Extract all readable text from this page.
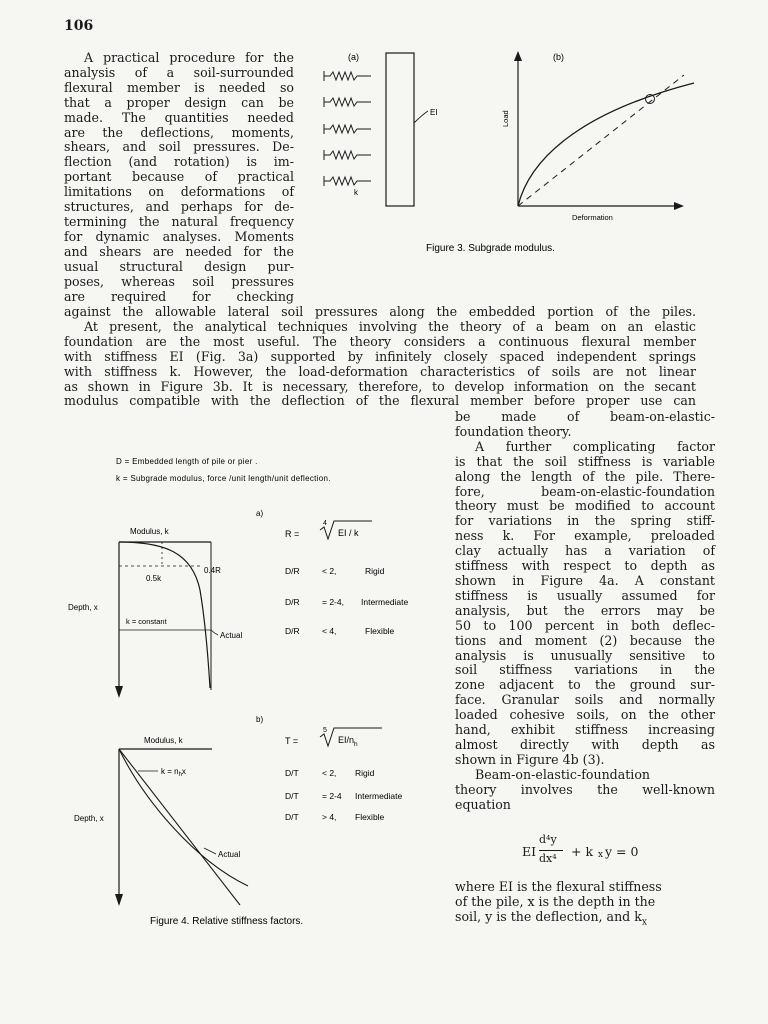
106

A practical procedure for the

analysis of a soil-surrounded

flexural member is needed so

that a proper design can be

made. The quantities needed

are the deflections, moments,

shears, and soil pressures. De-

flection (and rotation) is im-

portant because of practical

limitations on deformations of

structures, and perhaps for de-

termining the natural frequency

for dynamic analyses. Moments

and shears are needed for the

usual structural design pur-

poses, whereas soil pressures

are required for checking

against the allowable lateral soil pressures along the embedded portion of the piles.

At present, the analytical techniques involving the theory of a beam on an elastic

foundation are the most useful. The theory considers a continuous flexural member

with stiffness EI (Fig. 3a) supported by infinitely closely spaced independent springs

with stiffness k. However, the load-deformation characteristics of soils are not linear

as shown in Figure 3b. It is necessary, therefore, to develop information on the secant

modulus compatible with the deflection of the flexural member before proper use can

be made of beam-on-elastic-

foundation theory.

A further complicating factor

is that the soil stiffness is variable

along the length of the pile. There-

fore, beam-on-elastic-foundation

theory must be modified to account

for variations in the spring stiff-

ness k. For example, preloaded

clay actually has a variation of

stiffness with respect to depth as

shown in Figure 4a. A constant

stiffness is usually assumed for

analysis, but the errors may be

50 to 100 percent in both deflec-

tions and moment (2) because the

analysis is unusually sensitive to

soil stiffness variations in the

zone adjacent to the ground sur-

face. Granular soils and normally

loaded cohesive soils, on the other

hand, exhibit stiffness increasing

almost directly with depth as

shown in Figure 4b (3).

Beam-on-elastic-foundation

theory involves the well-known

equation

EI
d⁴y
dx⁴ + k x y = 0

where EI is the flexural stiffness

of the pile, x is the depth in the

soil, y is the deflection, and $k_x$

(a)
EI
k
(b)
Load
Deformation
Figure 3. Subgrade modulus.
D = Embedded length of pile or pier .
k = Subgrade modulus, force /unit length/unit deflection.
a)
Modulus, k
0.4R
0.5k
Depth, x
k = constant
Actual
R =
4
EI / k
D/R	< 2,	Rigid
D/R	= 2-4, Intermediate
D/R	< 4,	Flexible
b)
Modulus, k
$k = n_hx$
Depth, x
Actual
T =
5
$EI/n_h$
D/T	< 2, Rigid
D/T	= 2-4 Intermediate
D/T	> 4, Flexible
Figure 4. Relative stiffness factors.
